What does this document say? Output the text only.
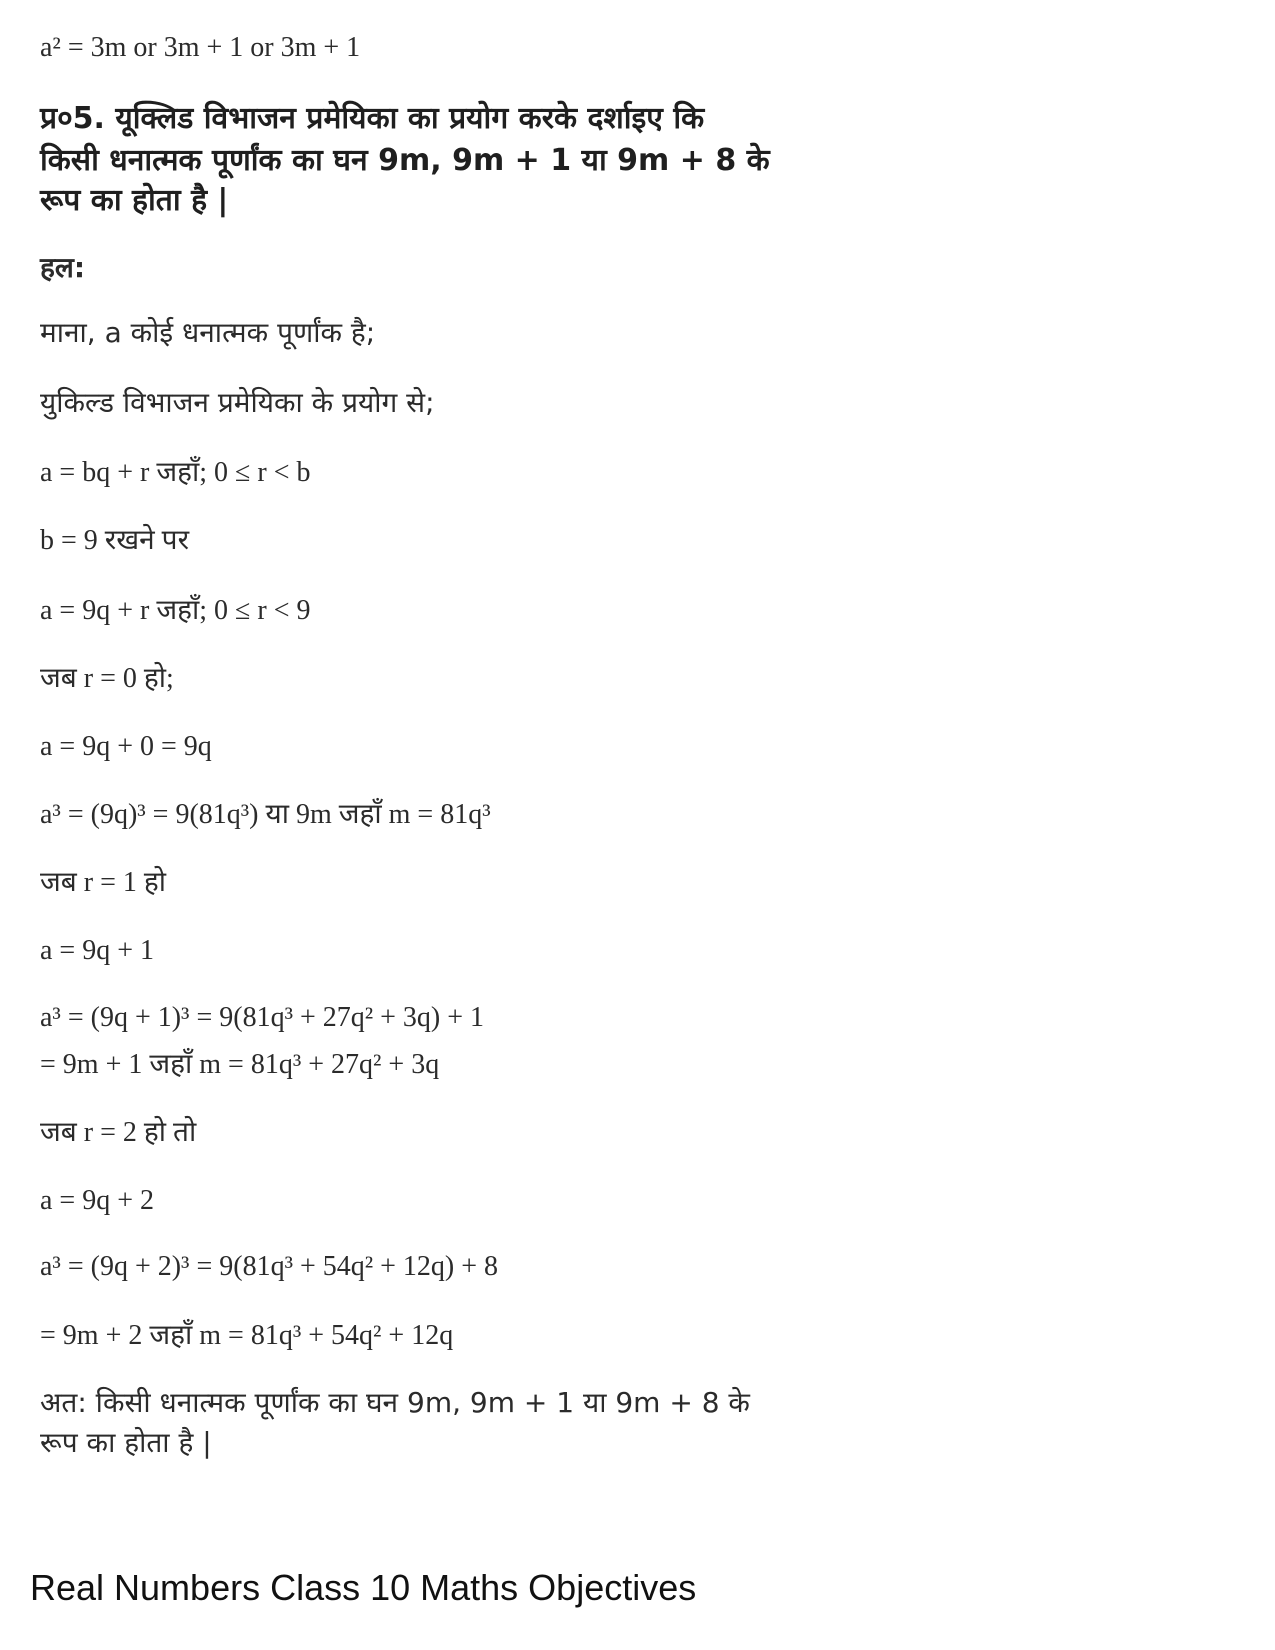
a² = 3m or 3m + 1 or 3m + 1
प्र०5. यूक्लिड विभाजन प्रमेयिका का प्रयोग करके दर्शाइए कि
किसी धनात्मक पूर्णांक का घन 9m, 9m + 1 या 9m + 8 के
रूप का होता है |
हल:
माना, a कोई धनात्मक पूर्णांक है;
युकिल्ड विभाजन प्रमेयिका के प्रयोग से;
a = bq + r जहाँ; 0 ≤ r < b
b = 9 रखने पर
a = 9q + r जहाँ; 0 ≤ r < 9
जब r = 0 हो;
a = 9q + 0 = 9q
a³ = (9q)³ = 9(81q³) या 9m जहाँ m = 81q³
जब r = 1 हो
a = 9q + 1
a³ = (9q + 1)³ = 9(81q³ + 27q² + 3q) + 1
= 9m + 1 जहाँ m = 81q³ + 27q² + 3q
जब r = 2 हो तो
a = 9q + 2
a³ = (9q + 2)³ = 9(81q³ + 54q² + 12q) + 8
= 9m + 2 जहाँ m = 81q³ + 54q² + 12q
अत: किसी धनात्मक पूर्णांक का घन 9m, 9m + 1 या 9m + 8 के
रूप का होता है |
Real Numbers Class 10 Maths Objectives
